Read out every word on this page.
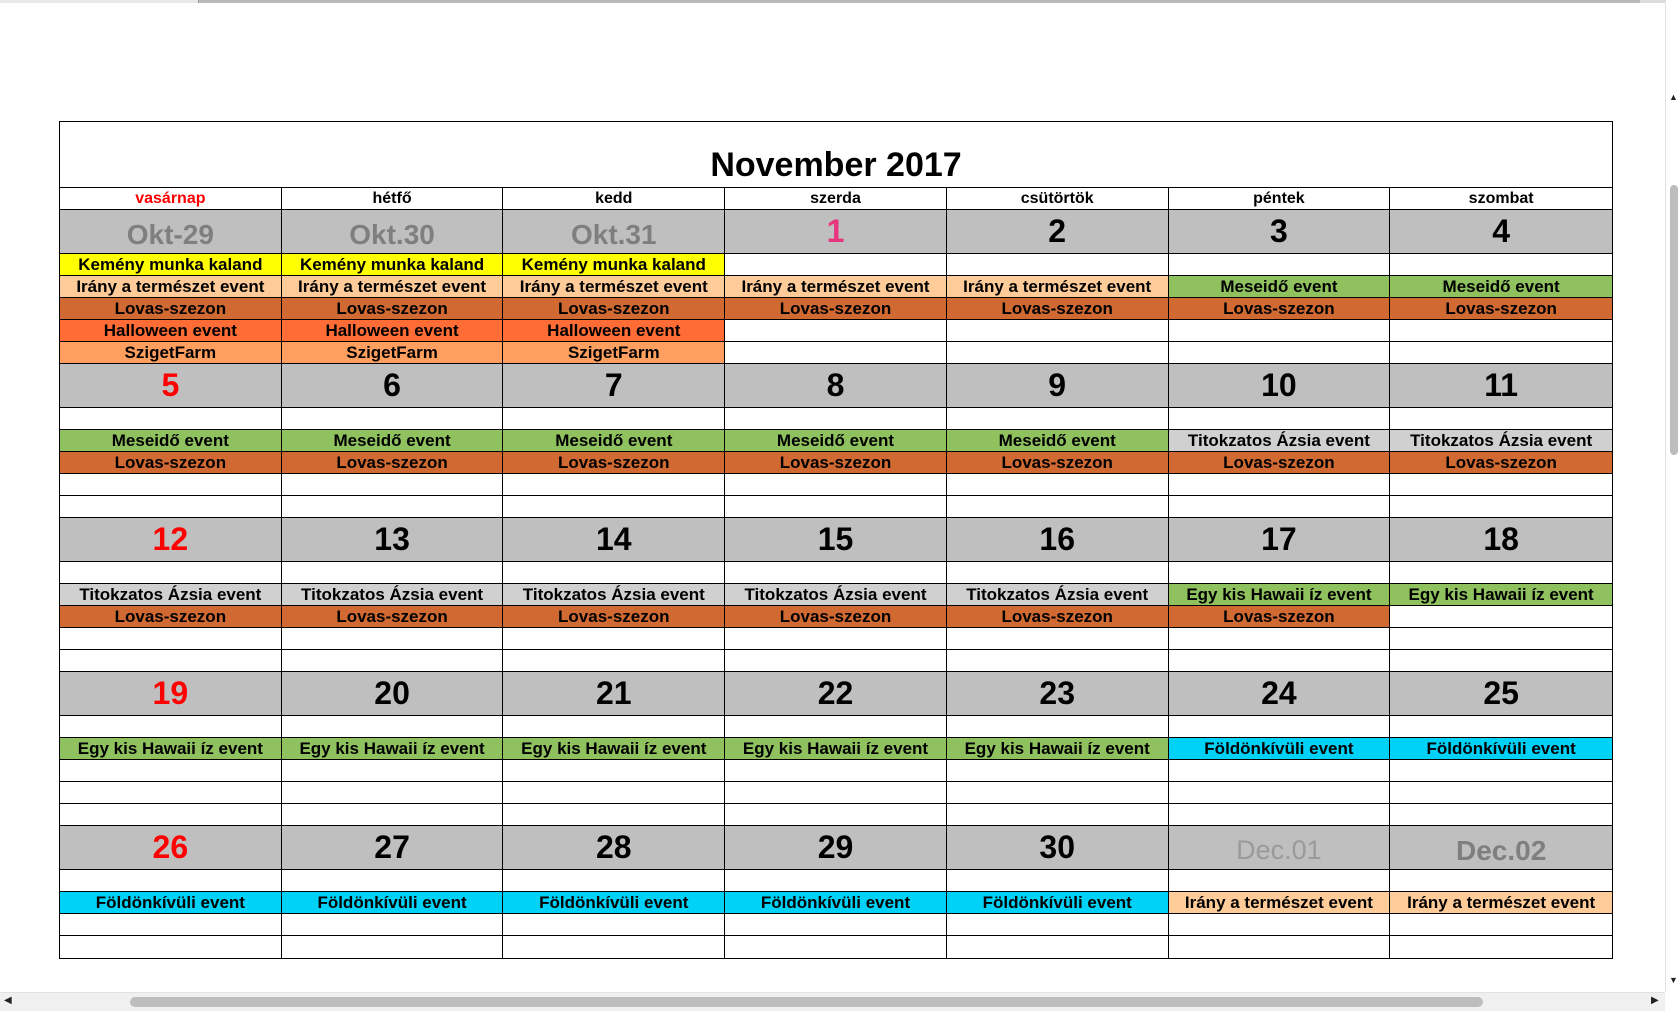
November 2017
vasárnap	hétfő	kedd	szerda	csütörtök	péntek	szombat
Okt-29	Okt.30	Okt.31	1	2	3	4
Kemény munka kaland	Kemény munka kaland	Kemény munka kaland
Irány a természet event	Irány a természet event	Irány a természet event	Irány a természet event	Irány a természet event	Meseidő event	Meseidő event
Lovas-szezon	Lovas-szezon	Lovas-szezon	Lovas-szezon	Lovas-szezon	Lovas-szezon	Lovas-szezon
Halloween event	Halloween event	Halloween event
SzigetFarm	SzigetFarm	SzigetFarm
5	6	7	8	9	10	11
Meseidő event	Meseidő event	Meseidő event	Meseidő event	Meseidő event	Titokzatos Ázsia event	Titokzatos Ázsia event
Lovas-szezon	Lovas-szezon	Lovas-szezon	Lovas-szezon	Lovas-szezon	Lovas-szezon	Lovas-szezon
12	13	14	15	16	17	18
Titokzatos Ázsia event	Titokzatos Ázsia event	Titokzatos Ázsia event	Titokzatos Ázsia event	Titokzatos Ázsia event	Egy kis Hawaii íz event	Egy kis Hawaii íz event
Lovas-szezon	Lovas-szezon	Lovas-szezon	Lovas-szezon	Lovas-szezon	Lovas-szezon
19	20	21	22	23	24	25
Egy kis Hawaii íz event	Egy kis Hawaii íz event	Egy kis Hawaii íz event	Egy kis Hawaii íz event	Egy kis Hawaii íz event	Földönkívüli event	Földönkívüli event
26	27	28	29	30	Dec.01	Dec.02
Földönkívüli event	Földönkívüli event	Földönkívüli event	Földönkívüli event	Földönkívüli event	Irány a természet event	Irány a természet event
▲
▼
◀	▶
